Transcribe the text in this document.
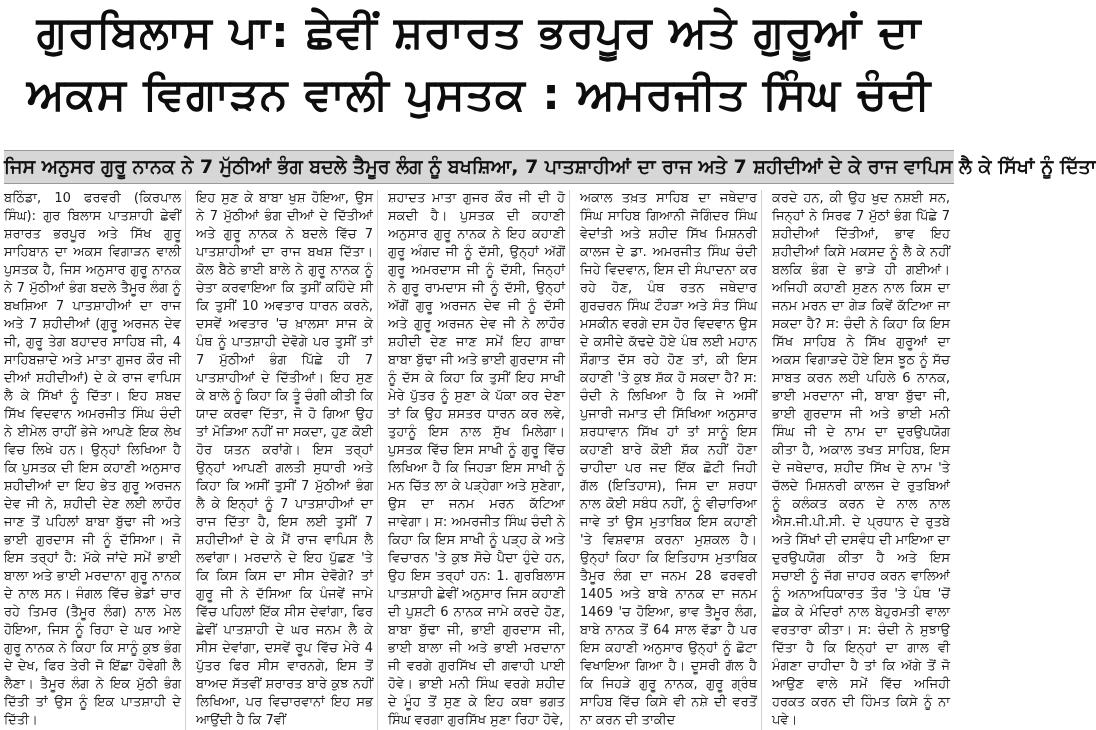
ਗੁਰਬਿਲਾਸ ਪਾ: ਛੇਵੀਂ ਸ਼ਰਾਰਤ ਭਰਪੂਰ ਅਤੇ ਗੁਰੂਆਂ ਦਾ
ਅਕਸ ਵਿਗਾੜਨ ਵਾਲੀ ਪੁਸਤਕ : ਅਮਰਜੀਤ ਸਿੰਘ ਚੰਦੀ
ਜਿਸ ਅਨੁਸਰ ਗੁਰੂ ਨਾਨਕ ਨੇ 7 ਮੁੱਠੀਆਂ ਭੰਗ ਬਦਲੇ ਤੈਮੂਰ ਲੰਗ ਨੂੰ ਬਖਸ਼ਿਆ, 7 ਪਾਤਸ਼ਾਹੀਆਂ ਦਾ ਰਾਜ ਅਤੇ 7 ਸ਼ਹੀਦੀਆਂ ਦੇ ਕੇ ਰਾਜ ਵਾਪਿਸ ਲੈ ਕੇ ਸਿੱਖਾਂ ਨੂੰ ਦਿੱਤਾ

ਬਠਿੰਡਾ, 10 ਫਰਵਰੀ (ਕਿਰਪਾਲ ਸਿੰਘ): ਗੁਰ ਬਿਲਾਸ ਪਾਤਸ਼ਾਹੀ ਛੇਵੀਂ ਸ਼ਰਾਰਤ ਭਰਪੂਰ ਅਤੇ ਸਿੱਖ ਗੁਰੂ ਸਾਹਿਬਾਨ ਦਾ ਅਕਸ ਵਿਗਾੜਨ ਵਾਲੀ ਪੁਸਤਕ ਹੈ, ਜਿਸ ਅਨੁਸਾਰ ਗੁਰੂ ਨਾਨਕ ਨੇ 7 ਮੁੱਠੀਆਂ ਭੰਗ ਬਦਲੇ ਤੈਮੂਰ ਲੰਗ ਨੂੰ ਬਖਸ਼ਿਆ 7 ਪਾਤਸ਼ਾਹੀਆਂ ਦਾ ਰਾਜ ਅਤੇ 7 ਸ਼ਹੀਦੀਆਂ (ਗੁਰੂ ਅਰਜਨ ਦੇਵ ਜੀ, ਗੁਰੂ ਤੇਗ ਬਹਾਦਰ ਸਾਹਿਬ ਜੀ, 4 ਸਾਹਿਬਜ਼ਾਦੇ ਅਤੇ ਮਾਤਾ ਗੁਜਰ ਕੌਰ ਜੀ ਦੀਆਂ ਸ਼ਹੀਦੀਆਂ) ਦੇ ਕੇ ਰਾਜ ਵਾਪਿਸ ਲੈ ਕੇ ਸਿੱਖਾਂ ਨੂੰ ਦਿੱਤਾ। ਇਹ ਸ਼ਬਦ ਸਿੱਖ ਵਿਦਵਾਨ ਅਮਰਜੀਤ ਸਿੰਘ ਚੰਦੀ ਨੇ ਈਮੇਲ ਰਾਹੀਂ ਭੇਜੇ ਆਪਣੇ ਇਕ ਲੇਖ ਵਿਚ ਲਿਖੇ ਹਨ। ਉਨ੍ਹਾਂ ਲਿਖਿਆ ਹੈ ਕਿ ਪੁਸਤਕ ਦੀ ਇਸ ਕਹਾਣੀ ਅਨੁਸਾਰ ਸ਼ਹੀਦੀਆਂ ਦਾ ਇਹ ਭੇਤ ਗੁਰੂ ਅਰਜਨ ਦੇਵ ਜੀ ਨੇ, ਸ਼ਹੀਦੀ ਦੇਣ ਲਈ ਲਾਹੌਰ ਜਾਣ ਤੋਂ ਪਹਿਲਾਂ ਬਾਬਾ ਬੁੱਢਾ ਜੀ ਅਤੇ ਭਾਈ ਗੁਰਦਾਸ ਜੀ ਨੂੰ ਦੱਸਿਆ। ਜੋ ਇਸ ਤਰ੍ਹਾਂ ਹੈ: ਮੱਕੇ ਜਾਂਦੇ ਸਮੇਂ ਭਾਈ ਬਾਲਾ ਅਤੇ ਭਾਈ ਮਰਦਾਨਾ ਗੁਰੂ ਨਾਨਕ ਦੇ ਨਾਲ ਸਨ। ਜੰਗਲ ਵਿੱਚ ਭੇਡਾਂ ਚਾਰ ਰਹੇ ਤਿਮਰ (ਤੈਮੂਰ ਲੰਗ) ਨਾਲ ਮੇਲ ਹੋਇਆ, ਜਿਸ ਨੂੰ ਰਿਹਾ ਦੇ ਘਰ ਆਏ ਗੁਰੂ ਨਾਨਕ ਨੇ ਕਿਹਾ ਕਿ ਸਾਨੂੰ ਕੁਝ ਭੰਗ ਦੇ ਦੇਖ, ਫਿਰ ਤੇਰੀ ਜੋ ਇੱਛਾ ਹੋਵੇਗੀ ਲੈ ਲੈਣਾ। ਤੈਮੂਰ ਲੰਗ ਨੇ ਇਕ ਮੁੱਠੀ ਭੰਗ ਦਿੱਤੀ ਤਾਂ ਉਸ ਨੂੰ ਇਕ ਪਾਤਸ਼ਾਹੀ ਦੇ ਦਿੱਤੀ।

ਇਹ ਸੁਣ ਕੇ ਬਾਬਾ ਖੁਸ਼ ਹੋਇਆ, ਉਸ ਨੇ 7 ਮੁੱਠੀਆਂ ਭੰਗ ਦੀਆਂ ਦੇ ਦਿੱਤੀਆਂ ਅਤੇ ਗੁਰੂ ਨਾਨਕ ਨੇ ਬਦਲੇ ਵਿੱਚ 7 ਪਾਤਸ਼ਾਹੀਆਂ ਦਾ ਰਾਜ ਬਖਸ਼ ਦਿੱਤਾ। ਕੋਲ ਬੈਠੇ ਭਾਈ ਬਾਲੇ ਨੇ ਗੁਰੂ ਨਾਨਕ ਨੂੰ ਚੇਤਾ ਕਰਵਾਇਆ ਕਿ ਤੁਸੀਂ ਕਹਿੰਦੇ ਸੀ ਕਿ ਤੁਸੀਂ 10 ਅਵਤਾਰ ਧਾਰਨ ਕਰਨੇ, ਦਸਵੇਂ ਅਵਤਾਰ 'ਚ ਖ਼ਾਲਸਾ ਸਾਜ ਕੇ ਪੰਥ ਨੂੰ ਪਾਤਸ਼ਾਹੀ ਦੇਵੋਗੇ ਪਰ ਤੁਸੀਂ ਤਾਂ 7 ਮੁੱਠੀਆਂ ਭੰਗ ਪਿੱਛੇ ਹੀ 7 ਪਾਤਸ਼ਾਹੀਆਂ ਦੇ ਦਿੱਤੀਆਂ। ਇਹ ਸੁਣ ਕੇ ਬਾਲੇ ਨੂੰ ਕਿਹਾ ਕਿ ਤੂੰ ਚੰਗੀ ਕੀਤੀ ਕਿ ਯਾਦ ਕਰਵਾ ਦਿੱਤਾ, ਜੋ ਹੋ ਗਿਆ ਉਹ ਤਾਂ ਮੋੜਿਆ ਨਹੀਂ ਜਾ ਸਕਦਾ, ਹੁਣ ਕੋਈ ਹੋਰ ਯਤਨ ਕਰਾਂਗੇ। ਇਸ ਤਰ੍ਹਾਂ ਉਨ੍ਹਾਂ ਆਪਣੀ ਗਲਤੀ ਸੁਧਾਰੀ ਅਤੇ ਕਿਹਾ ਕਿ ਅਸੀਂ ਤੁਸੀਂ 7 ਮੁੱਠੀਆਂ ਭੰਗ ਲੈ ਕੇ ਇਨ੍ਹਾਂ ਨੂੰ 7 ਪਾਤਸ਼ਾਹੀਆਂ ਦਾ ਰਾਜ ਦਿੱਤਾ ਹੈ, ਇਸ ਲਈ ਤੁਸੀਂ 7 ਸ਼ਹੀਦੀਆਂ ਦੇ ਕੇ ਮੈਂ ਰਾਜ ਵਾਪਿਸ ਲੈ ਲਵਾਂਗਾ। ਮਰਦਾਨੇ ਦੇ ਇਹ ਪੁੱਛਣ 'ਤੇ ਕਿ ਕਿਸ ਕਿਸ ਦਾ ਸੀਸ ਦੇਵੋਗੇ? ਤਾਂ ਗੁਰੂ ਜੀ ਨੇ ਦੱਸਿਆ ਕਿ ਪੰਜਵੇਂ ਜਾਮੇ ਵਿੱਚ ਪਹਿਲਾਂ ਇੱਕ ਸੀਸ ਦੇਵਾਂਗਾ, ਫਿਰ ਛੇਵੀਂ ਪਾਤਸ਼ਾਹੀ ਦੇ ਘਰ ਜਨਮ ਲੈ ਕੇ ਸੀਸ ਦੇਵਾਂਗਾ, ਦਸਵੇਂ ਰੂਪ ਵਿੱਚ ਮੇਰੇ 4 ਪੁੱਤਰ ਫਿਰ ਸੀਸ ਵਾਰਨਗੇ, ਇਸ ਤੋਂ ਬਾਅਦ ਸੱਤਵੀਂ ਸ਼ਰਾਰਤ ਬਾਰੇ ਕੁਝ ਨਹੀਂ ਲਿਖਿਆ, ਪਰ ਵਿਚਾਰਵਾਨਾਂ ਇਹ ਸਭ ਆਉਂਦੀ ਹੈ ਕਿ 7ਵੀਂ

ਸ਼ਹਾਦਤ ਮਾਤਾ ਗੁਜਰ ਕੌਰ ਜੀ ਦੀ ਹੋ ਸਕਦੀ ਹੈ। ਪੁਸਤਕ ਦੀ ਕਹਾਣੀ ਅਨੁਸਾਰ ਗੁਰੂ ਨਾਨਕ ਨੇ ਇਹ ਕਹਾਣੀ ਗੁਰੂ ਅੰਗਦ ਜੀ ਨੂੰ ਦੱਸੀ, ਉਨ੍ਹਾਂ ਅੱਗੋਂ ਗੁਰੂ ਅਮਰਦਾਸ ਜੀ ਨੂੰ ਦੱਸੀ, ਜਿਨ੍ਹਾਂ ਨੇ ਗੁਰੂ ਰਾਮਦਾਸ ਜੀ ਨੂੰ ਦੱਸੀ, ਉਨ੍ਹਾਂ ਅੱਗੋਂ ਗੁਰੂ ਅਰਜਨ ਦੇਵ ਜੀ ਨੂੰ ਦੱਸੀ ਅਤੇ ਗੁਰੂ ਅਰਜਨ ਦੇਵ ਜੀ ਨੇ ਲਾਹੌਰ ਸ਼ਹੀਦੀ ਦੇਣ ਜਾਣ ਸਮੇਂ ਇਹ ਗਾਥਾ ਬਾਬਾ ਬੁੱਢਾ ਜੀ ਅਤੇ ਭਾਈ ਗੁਰਦਾਸ ਜੀ ਨੂੰ ਦੱਸ ਕੇ ਕਿਹਾ ਕਿ ਤੁਸੀਂ ਇਹ ਸਾਖੀ ਮੇਰੇ ਪੁੱਤਰ ਨੂੰ ਸੁਣਾ ਕੇ ਪੱਕਾ ਕਰ ਦੇਣਾ ਤਾਂ ਕਿ ਉਹ ਸ਼ਸਤਰ ਧਾਰਨ ਕਰ ਲਵੇ, ਤੁਹਾਨੂੰ ਇਸ ਨਾਲ ਸੁੱਖ ਮਿਲੇਗਾ। ਪੁਸਤਕ ਵਿੱਚ ਇਸ ਸਾਖੀ ਨੂੰ ਗੁਰੂ ਵਿੱਚ ਲਿਖਿਆ ਹੈ ਕਿ ਜਿਹੜਾ ਇਸ ਸਾਖੀ ਨੂੰ ਮਨ ਚਿੱਤ ਲਾ ਕੇ ਪੜ੍ਹੇਗਾ ਅਤੇ ਸੁਣੇਗਾ, ਉਸ ਦਾ ਜਨਮ ਮਰਨ ਕੱਟਿਆ ਜਾਵੇਗਾ। ਸ: ਅਮਰਜੀਤ ਸਿੰਘ ਚੰਦੀ ਨੇ ਕਿਹਾ ਕਿ ਇਸ ਸਾਖੀ ਨੂੰ ਪੜ੍ਹ ਕੇ ਅਤੇ ਵਿਚਾਰਨ 'ਤੇ ਕੁਝ ਸੋਚੇ ਪੈਦਾ ਹੁੰਦੇ ਹਨ, ਉਹ ਇਸ ਤਰ੍ਹਾਂ ਹਨ: 1. ਗੁਰਬਿਲਾਸ ਪਾਤਸ਼ਾਹੀ ਛੇਵੀਂ ਅਨੁਸਾਰ ਜਿਸ ਕਹਾਣੀ ਦੀ ਪੁਸ਼ਟੀ 6 ਨਾਨਕ ਜਾਮੇ ਕਰਦੇ ਹੋਣ, ਬਾਬਾ ਬੁੱਢਾ ਜੀ, ਭਾਈ ਗੁਰਦਾਸ ਜੀ, ਭਾਈ ਬਾਲਾ ਜੀ ਅਤੇ ਭਾਈ ਮਰਦਾਨਾ ਜੀ ਵਰਗੇ ਗੁਰਸਿੱਖ ਦੀ ਗਵਾਹੀ ਪਾਈ ਹੋਵੇ। ਭਾਈ ਮਨੀ ਸਿੰਘ ਵਰਗੇ ਸ਼ਹੀਦ ਦੇ ਮੂੰਹ ਤੋਂ ਸੁਣ ਕੇ ਇਹ ਕਥਾ ਭਗਤ ਸਿੰਘ ਵਰਗਾ ਗੁਰਸਿੱਖ ਸੁਣਾ ਰਿਹਾ ਹੋਵੇ,

ਅਕਾਲ ਤਖ਼ਤ ਸਾਹਿਬ ਦਾ ਜਥੇਦਾਰ ਸਿੰਘ ਸਾਹਿਬ ਗਿਆਨੀ ਜੋਗਿੰਦਰ ਸਿੰਘ ਵੇਦਾਂਤੀ ਅਤੇ ਸ਼ਹੀਦ ਸਿੱਖ ਮਿਸ਼ਨਰੀ ਕਾਲਜ ਦੇ ਡਾ. ਅਮਰਜੀਤ ਸਿੰਘ ਚੰਦੀ ਜਿਹੇ ਵਿਦਵਾਨ, ਇਸ ਦੀ ਸੰਪਾਦਨਾ ਕਰ ਰਹੇ ਹੋਣ, ਪੰਥ ਰਤਨ ਜਥੇਦਾਰ ਗੁਰਚਰਨ ਸਿੰਘ ਟੌਹੜਾ ਅਤੇ ਸੰਤ ਸਿੰਘ ਮਸਕੀਨ ਵਰਗੇ ਦਸ ਹੋਰ ਵਿਦਵਾਨ ਉਸ ਦੇ ਕਸੀਦੇ ਕੱਢਦੇ ਹੋਏ ਪੰਥ ਲਈ ਮਹਾਨ ਸੌਗਾਤ ਦੱਸ ਰਹੇ ਹੋਣ ਤਾਂ, ਕੀ ਇਸ ਕਹਾਣੀ 'ਤੇ ਕੁਝ ਸ਼ੱਕ ਹੋ ਸਕਦਾ ਹੈ? ਸ: ਚੰਦੀ ਨੇ ਲਿਖਿਆ ਹੈ ਕਿ ਜੇ ਅਸੀਂ ਪੁਜਾਰੀ ਜਮਾਤ ਦੀ ਸਿੱਖਿਆ ਅਨੁਸਾਰ ਸ਼ਰਧਾਵਾਨ ਸਿੱਖ ਹਾਂ ਤਾਂ ਸਾਨੂੰ ਇਸ ਕਹਾਣੀ ਬਾਰੇ ਕੋਈ ਸ਼ੱਕ ਨਹੀਂ ਹੋਣਾ ਚਾਹੀਦਾ ਪਰ ਜਦ ਇੱਕ ਛੋਟੀ ਜਿਹੀ ਗੱਲ (ਇਤਿਹਾਸ), ਜਿਸ ਦਾ ਸ਼ਰਧਾ ਨਾਲ ਕੋਈ ਸਬੰਧ ਨਹੀਂ, ਨੂੰ ਵੀਚਾਰਿਆ ਜਾਵੇ ਤਾਂ ਉਸ ਮੁਤਾਬਿਕ ਇਸ ਕਹਾਣੀ 'ਤੇ ਵਿਸ਼ਵਾਸ਼ ਕਰਨਾ ਮੁਸ਼ਕਲ ਹੈ। ਉਨ੍ਹਾਂ ਕਿਹਾ ਕਿ ਇਤਿਹਾਸ ਮੁਤਾਬਿਕ ਤੈਮੂਰ ਲੰਗ ਦਾ ਜਨਮ 28 ਫਰਵਰੀ 1405 ਅਤੇ ਬਾਬੇ ਨਾਨਕ ਦਾ ਜਨਮ 1469 'ਚ ਹੋਇਆ, ਭਾਵ ਤੈਮੂਰ ਲੰਗ, ਬਾਬੇ ਨਾਨਕ ਤੋਂ 64 ਸਾਲ ਵੱਡਾ ਹੈ ਪਰ ਇਸ ਕਹਾਣੀ ਅਨੁਸਾਰ ਉਨ੍ਹਾਂ ਨੂੰ ਛੋਟਾ ਵਿਖਾਇਆ ਗਿਆ ਹੈ। ਦੂਸਰੀ ਗੱਲ ਹੈ ਕਿ ਜਿਹੜੇ ਗੁਰੂ ਨਾਨਕ, ਗੁਰੂ ਗ੍ਰੰਥ ਸਾਹਿਬ ਵਿੱਚ ਕਿਸੇ ਵੀ ਨਸ਼ੇ ਦੀ ਵਰਤੋਂ ਨਾ ਕਰਨ ਦੀ ਤਾਕੀਦ

ਕਰਦੇ ਹਨ, ਕੀ ਉਹ ਖੁਦ ਨਸ਼ਈ ਸਨ, ਜਿਨ੍ਹਾਂ ਨੇ ਸਿਰਫ 7 ਮੁੱਠਾਂ ਭੰਗ ਪਿੱਛੇ 7 ਸ਼ਹੀਦੀਆਂ ਦਿੱਤੀਆਂ, ਭਾਵ ਇਹ ਸ਼ਹੀਦੀਆਂ ਕਿਸੇ ਮਕਸਦ ਨੂੰ ਲੈ ਕੇ ਨਹੀਂ ਬਲਕਿ ਭੰਗ ਦੇ ਭਾੜੇ ਹੀ ਗਈਆਂ। ਅਜਿਹੀ ਕਹਾਣੀ ਸੁਣਨ ਨਾਲ ਕਿਸ ਦਾ ਜਨਮ ਮਰਨ ਦਾ ਗੇੜ ਕਿਵੇਂ ਕੱਟਿਆ ਜਾ ਸਕਦਾ ਹੈ? ਸ: ਚੰਦੀ ਨੇ ਕਿਹਾ ਕਿ ਇਸ ਸਿੱਖ ਸਾਹਿਬ ਨੇ ਸਿੱਖ ਗੁਰੂਆਂ ਦਾ ਅਕਸ ਵਿਗਾੜਦੇ ਹੋਏ ਇਸ ਝੂਠ ਨੂੰ ਸੱਚ ਸਾਬਤ ਕਰਨ ਲਈ ਪਹਿਲੇ 6 ਨਾਨਕ, ਭਾਈ ਮਰਦਾਨਾ ਜੀ, ਬਾਬਾ ਬੁੱਢਾ ਜੀ, ਭਾਈ ਗੁਰਦਾਸ ਜੀ ਅਤੇ ਭਾਈ ਮਨੀ ਸਿੰਘ ਜੀ ਦੇ ਨਾਮ ਦਾ ਦੁਰਉਪਯੋਗ ਕੀਤਾ ਹੈ, ਅਕਾਲ ਤਖਤ ਸਾਹਿਬ, ਇਸ ਦੇ ਜਥੇਦਾਰ, ਸ਼ਹੀਦ ਸਿੱਖ ਦੇ ਨਾਮ 'ਤੇ ਚੱਲਦੇ ਮਿਸ਼ਨਰੀ ਕਾਲਜ ਦੇ ਰੁਤਬਿਆਂ ਨੂੰ ਕਲੰਕਤ ਕਰਨ ਦੇ ਨਾਲ ਨਾਲ ਐਸ.ਜੀ.ਪੀ.ਸੀ. ਦੇ ਪ੍ਰਧਾਨ ਦੇ ਰੁਤਬੇ ਅਤੇ ਸਿੱਖਾਂ ਦੀ ਦਸਵੰਧ ਦੀ ਮਾਇਆ ਦਾ ਦੁਰਉਪਯੋਗ ਕੀਤਾ ਹੈ ਅਤੇ ਇਸ ਸਚਾਈ ਨੂੰ ਜੱਗ ਜ਼ਾਹਰ ਕਰਨ ਵਾਲਿਆਂ ਨੂੰ ਅਨਾਅਧਿਕਾਰਤ ਤੌਰ 'ਤੇ ਪੰਥ 'ਚੋਂ ਛੇਕ ਕੇ ਮੰਦਿਰਾਂ ਨਾਲ ਬੇਹੁਰਮਤੀ ਵਾਲਾ ਵਰਤਾਰਾ ਕੀਤਾ। ਸ: ਚੰਦੀ ਨੇ ਸੁਝਾਉ ਦਿੱਤਾ ਹੈ ਕਿ ਇਨ੍ਹਾਂ ਦਾ ਗਾਲ ਵੀ ਮੰਗਣਾ ਚਾਹੀਦਾ ਹੈ ਤਾਂ ਕਿ ਅੱਗੇ ਤੋਂ ਜੋ ਆਉਣ ਵਾਲੇ ਸਮੇਂ ਵਿੱਚ ਅਜਿਹੀ ਹਰਕਤ ਕਰਨ ਦੀ ਹਿੰਮਤ ਕਿਸੇ ਨੂੰ ਨਾ ਪਵੇ।
